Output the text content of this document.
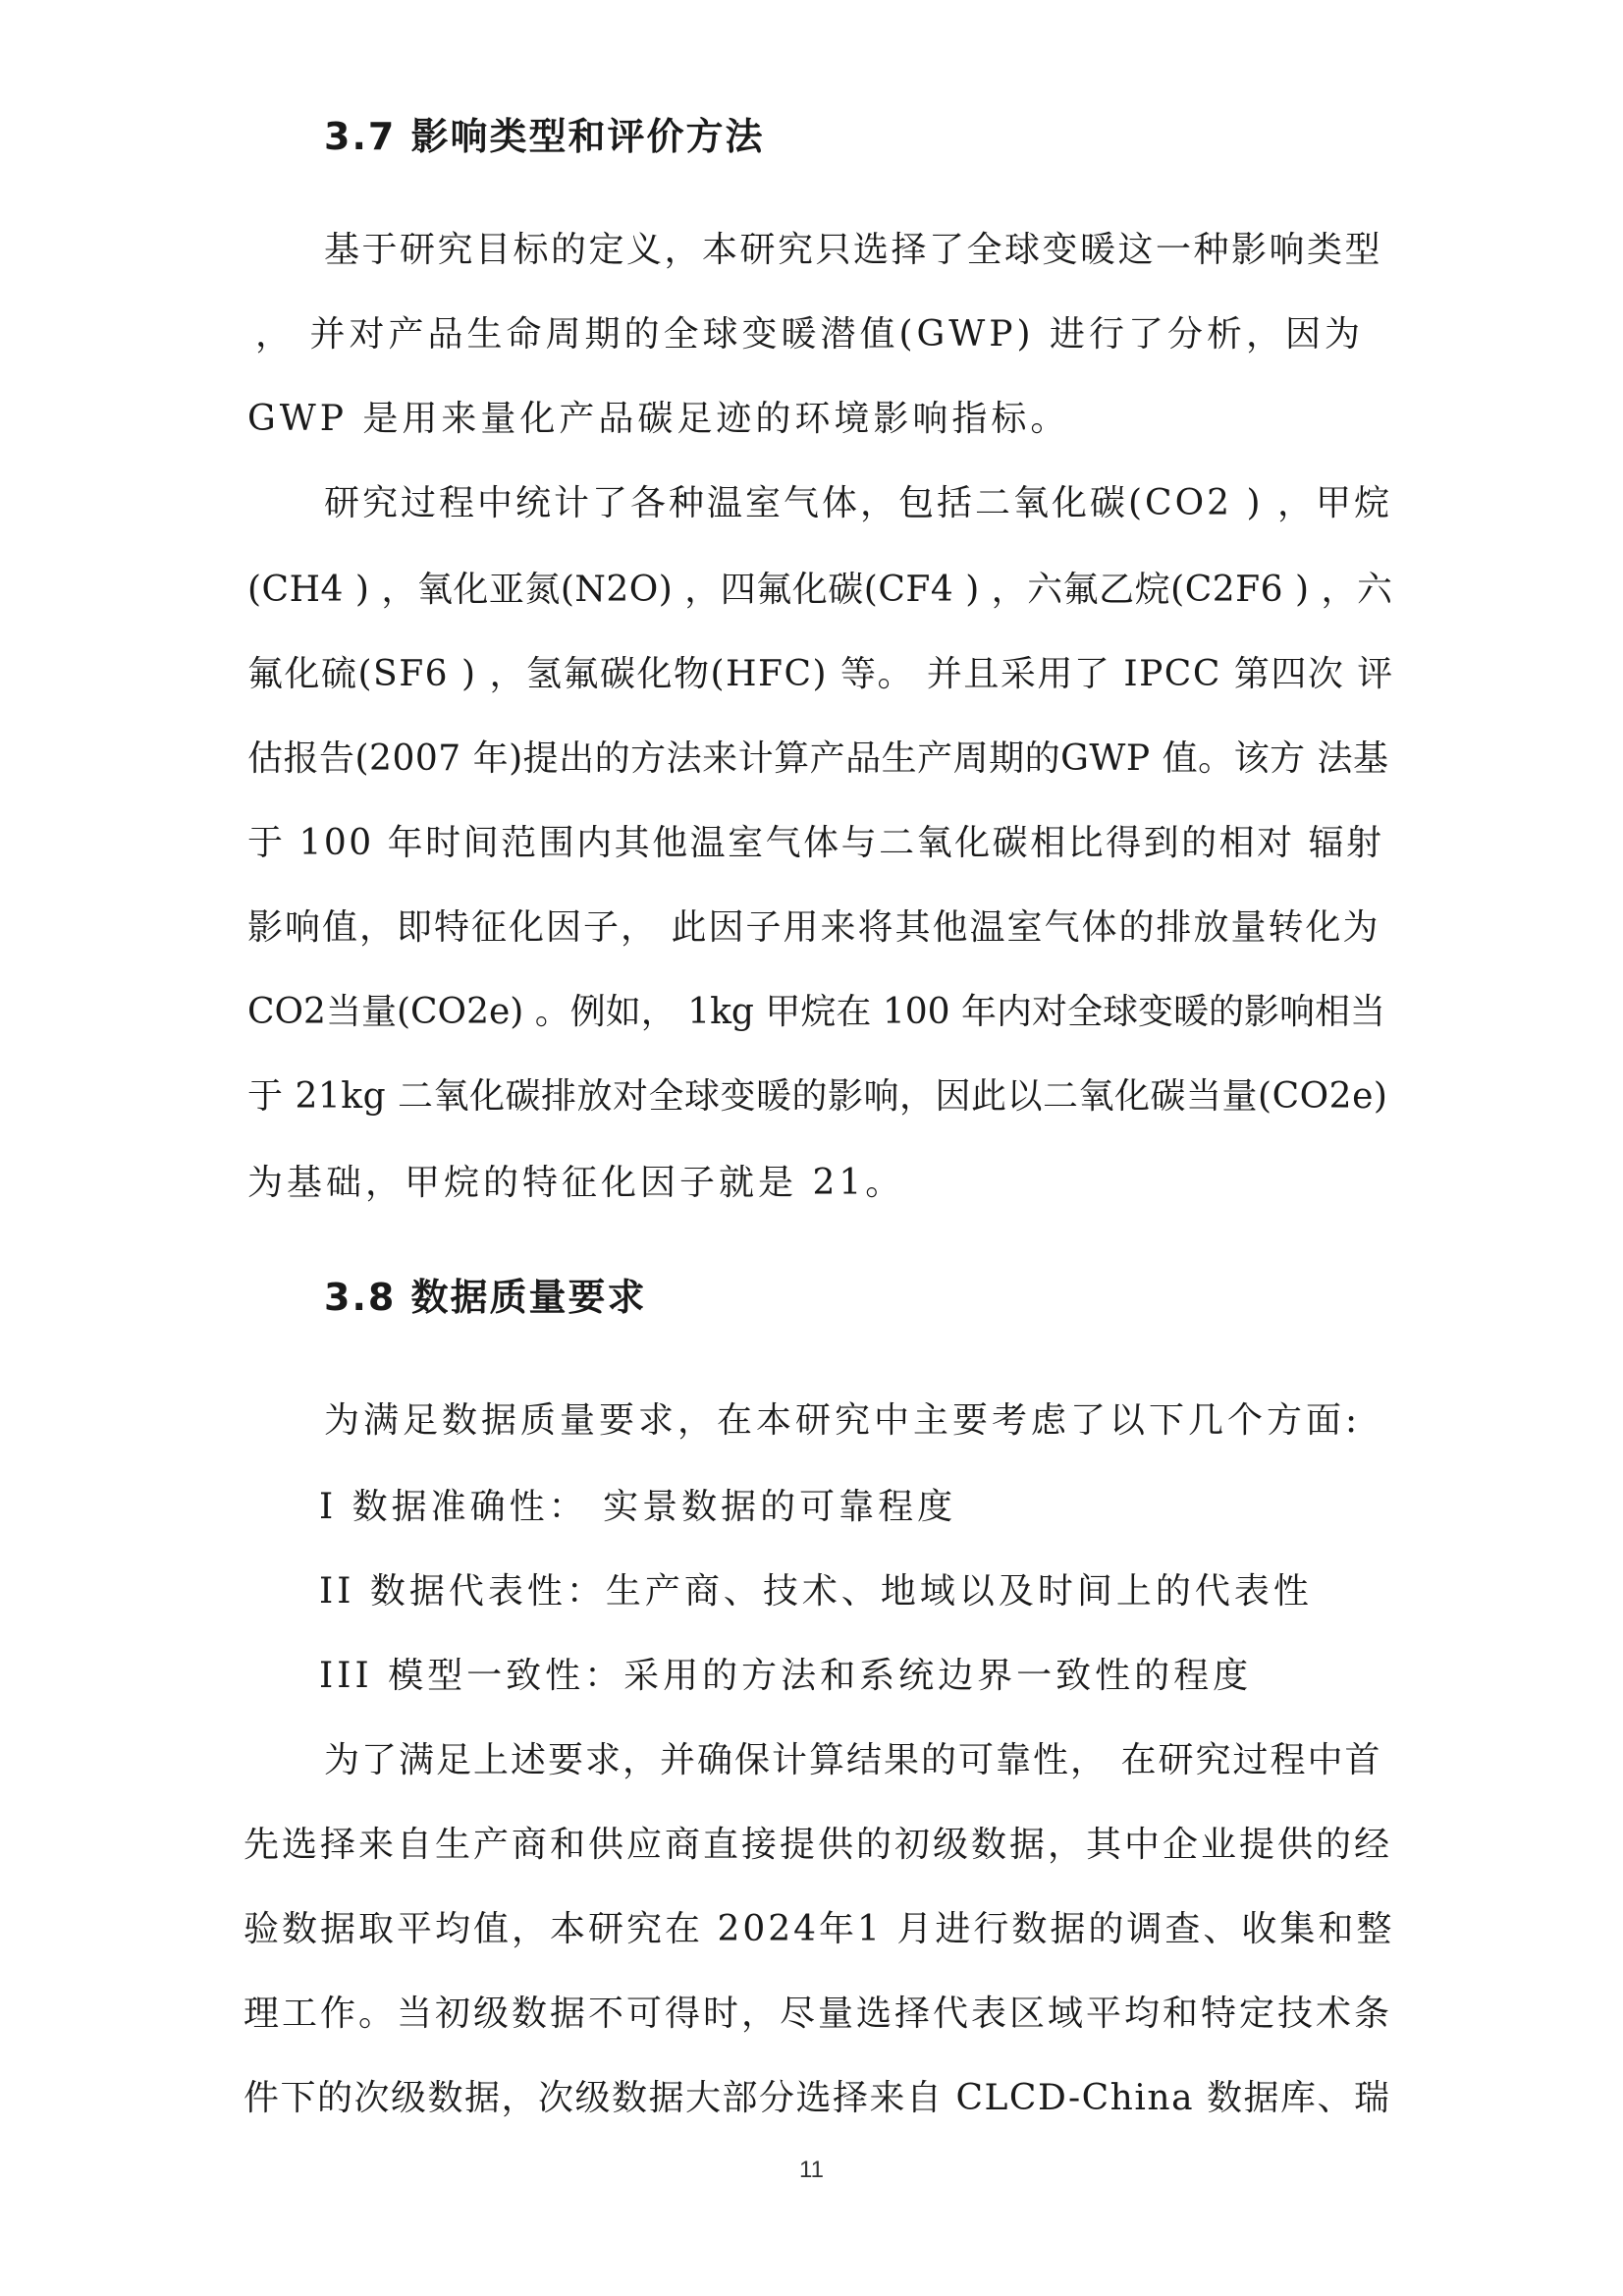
3.7 影响类型和评价方法
基于研究目标的定义，本研究只选择了全球变暖这一种影响类型
， 并对产品生命周期的全球变暖潜值(GWP) 进行了分析，因为
GWP 是用来量化产品碳足迹的环境影响指标。
研究过程中统计了各种温室气体，包括二氧化碳(CO2 ) ，甲烷
(CH4 ) ，氧化亚氮(N2O) ，四氟化碳(CF4 ) ，六氟乙烷(C2F6 ) ，六
氟化硫(SF6 ) ，氢氟碳化物(HFC) 等。 并且采用了 IPCC 第四次 评
估报告(2007 年)提出的方法来计算产品生产周期的GWP 值。该方 法基
于 100 年时间范围内其他温室气体与二氧化碳相比得到的相对 辐射
影响值，即特征化因子， 此因子用来将其他温室气体的排放量转化为
CO2当量(CO2e) 。例如， 1kg 甲烷在 100 年内对全球变暖的影响相当
于 21kg 二氧化碳排放对全球变暖的影响，因此以二氧化碳当量(CO2e)
为基础，甲烷的特征化因子就是 21。
3.8 数据质量要求
为满足数据质量要求，在本研究中主要考虑了以下几个方面:
I 数据准确性： 实景数据的可靠程度
II 数据代表性：生产商、技术、地域以及时间上的代表性
III 模型一致性：采用的方法和系统边界一致性的程度
为了满足上述要求，并确保计算结果的可靠性， 在研究过程中首
先选择来自生产商和供应商直接提供的初级数据，其中企业提供的经
验数据取平均值，本研究在 2024年1 月进行数据的调查、收集和整
理工作。当初级数据不可得时，尽量选择代表区域平均和特定技术条
件下的次级数据，次级数据大部分选择来自 CLCD-China 数据库、瑞
11
